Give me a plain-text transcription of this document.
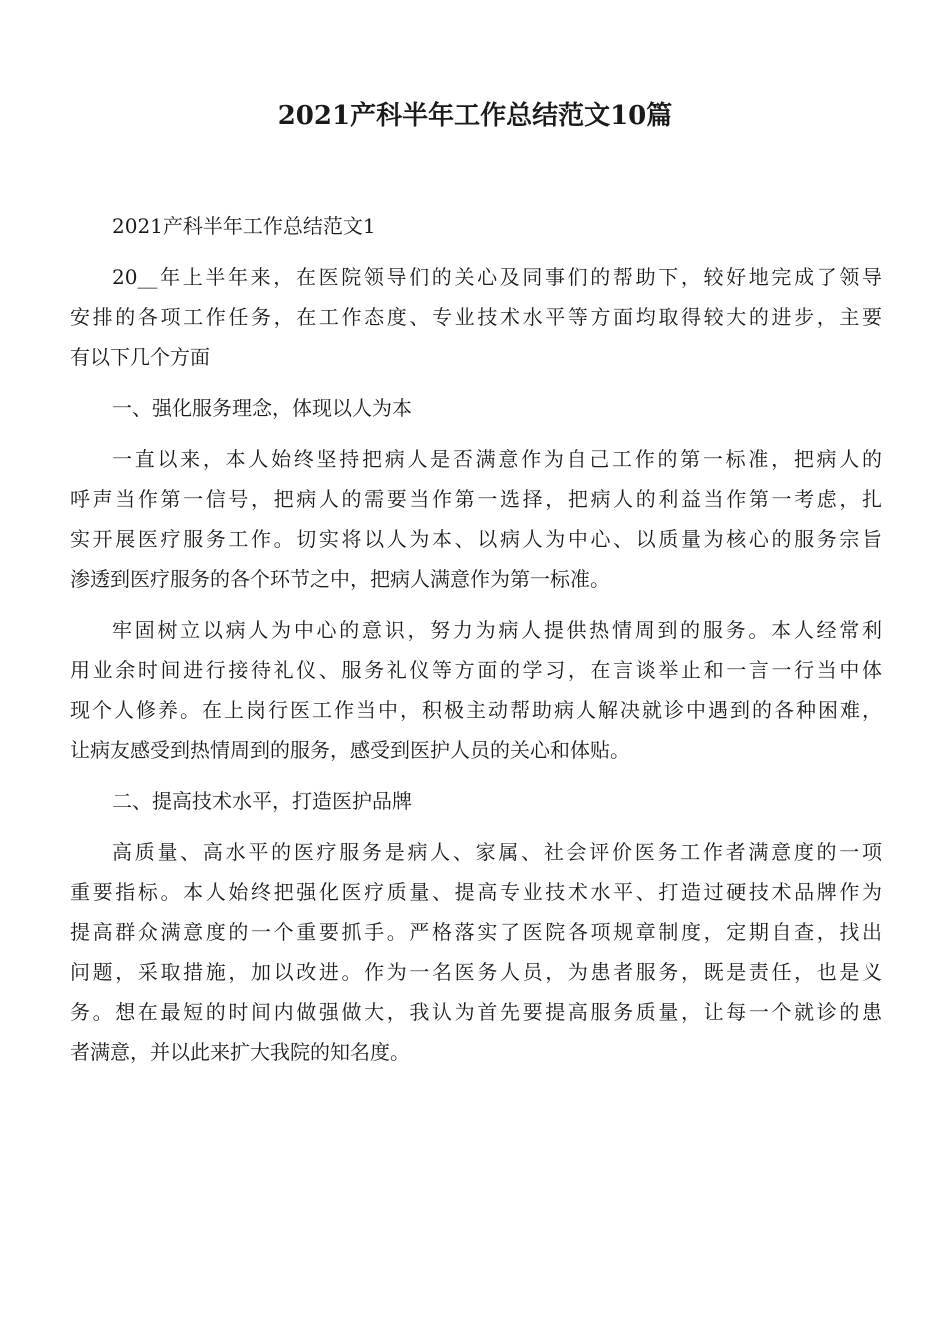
2021产科半年工作总结范文10篇

2021产科半年工作总结范文1

20__年上半年来，在医院领导们的关心及同事们的帮助下，较好地完成了领导

安排的各项工作任务，在工作态度、专业技术水平等方面均取得较大的进步，主要

有以下几个方面

一、强化服务理念，体现以人为本

一直以来，本人始终坚持把病人是否满意作为自己工作的第一标准，把病人的

呼声当作第一信号，把病人的需要当作第一选择，把病人的利益当作第一考虑，扎

实开展医疗服务工作。切实将以人为本、以病人为中心、以质量为核心的服务宗旨

渗透到医疗服务的各个环节之中，把病人满意作为第一标准。

牢固树立以病人为中心的意识，努力为病人提供热情周到的服务。本人经常利

用业余时间进行接待礼仪、服务礼仪等方面的学习，在言谈举止和一言一行当中体

现个人修养。在上岗行医工作当中，积极主动帮助病人解决就诊中遇到的各种困难，

让病友感受到热情周到的服务，感受到医护人员的关心和体贴。

二、提高技术水平，打造医护品牌

高质量、高水平的医疗服务是病人、家属、社会评价医务工作者满意度的一项

重要指标。本人始终把强化医疗质量、提高专业技术水平、打造过硬技术品牌作为

提高群众满意度的一个重要抓手。严格落实了医院各项规章制度，定期自查，找出

问题，采取措施，加以改进。作为一名医务人员，为患者服务，既是责任，也是义

务。想在最短的时间内做强做大，我认为首先要提高服务质量，让每一个就诊的患

者满意，并以此来扩大我院的知名度。
